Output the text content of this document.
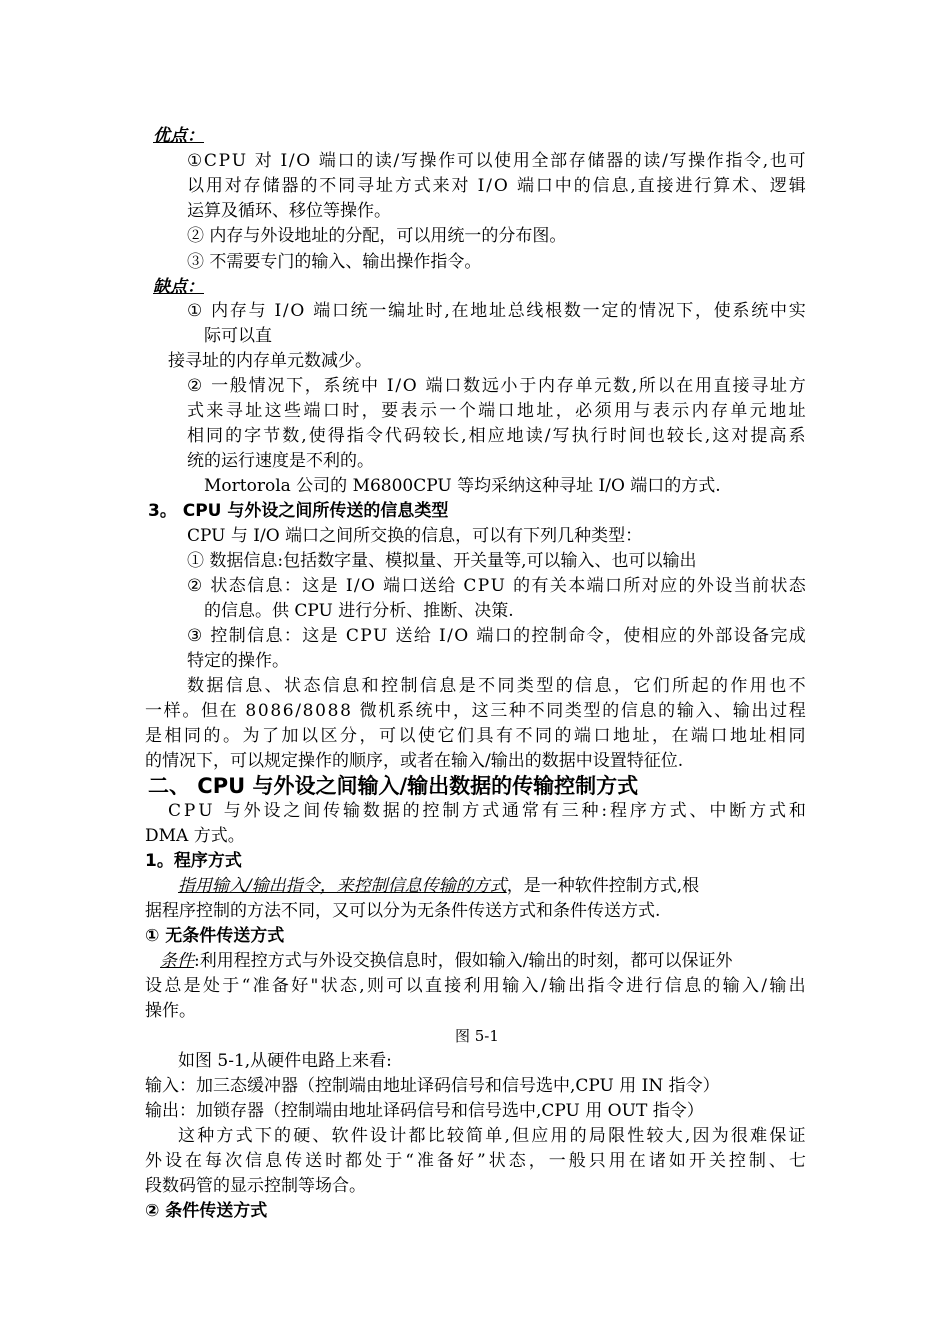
优点：
① C P U
对
I / O
端 口 的 读 / 写 操 作 可 以 使 用 全 部 存 储 器 的 读 / 写 操 作 指 令 , 也 可
以 用 对 存 储 器 的 不 同 寻 址 方 式 来 对
I / O
端 口 中 的 信 息 , 直 接 进 行 算 术 、 逻 辑
运算及循环、移位等操作。
② 内存与外设地址的分配，可以用统一的分布图。
③ 不需要专门的输入、输出操作指令。
缺点：
①
内 存 与
I / O
端 口 统 一 编 址 时 , 在 地 址 总 线 根 数 一 定 的 情 况 下 ， 使 系 统 中 实
际可以直
接寻址的内存单元数减少。
②
一 般 情 况 下 ， 系 统 中
I / O
端 口 数 远 小 于 内 存 单 元 数 , 所 以 在 用 直 接 寻 址 方
式 来 寻 址 这 些 端 口 时 ， 要 表 示 一 个 端 口 地 址 ， 必 须 用 与 表 示 内 存 单 元 地 址
相 同 的 字 节 数 , 使 得 指 令 代 码 较 长 , 相 应 地 读 / 写 执 行 时 间 也 较 长 , 这 对 提 高 系
统的运行速度是不利的。
Mortorola 公司的 M6800CPU 等均采纳这种寻址 I/O 端口的方式.
3。 CPU 与外设之间所传送的信息类型
CPU 与 I/O 端口之间所交换的信息，可以有下列几种类型：
① 数据信息:包括数字量、模拟量、开关量等,可以输入、也可以输出
②
状 态 信 息 ： 这 是
I / O
端 口 送 给
C P U
的 有 关 本 端 口 所 对 应 的 外 设 当 前 状 态
的信息。供 CPU 进行分析、推断、决策.
③
控 制 信 息 ： 这 是
C P U
送 给
I / O
端 口 的 控 制 命 令 ， 使 相 应 的 外 部 设 备 完 成
特定的操作。
数 据 信 息 、 状 态 信 息 和 控 制 信 息 是 不 同 类 型 的 信 息 ， 它 们 所 起 的 作 用 也 不
一 样 。 但 在
8 0 8 6 / 8 0 8 8
微 机 系 统 中 ， 这 三 种 不 同 类 型 的 信 息 的 输 入 、 输 出 过 程
是 相 同 的 。 为 了 加 以 区 分 ， 可 以 使 它 们 具 有 不 同 的 端 口 地 址 ， 在 端 口 地 址 相 同
的情况下，可以规定操作的顺序，或者在输入/输出的数据中设置特征位.
二、 CPU 与外设之间输入/输出数据的传输控制方式
C P U
与 外 设 之 间 传 输 数 据 的 控 制 方 式 通 常 有 三 种 : 程 序 方 式 、 中 断 方 式 和
DMA 方式。
1。程序方式
指用输入/输出指令，来控制信息传输的方式，是一种软件控制方式,根
据程序控制的方法不同，又可以分为无条件传送方式和条件传送方式.
① 无条件传送方式
条件:利用程控方式与外设交换信息时，假如输入/输出的时刻，都可以保证外
设 总 是 处 于 “ 准 备 好 " 状 态 , 则 可 以 直 接 利 用 输 入 / 输 出 指 令 进 行 信 息 的 输 入 / 输 出
操作。
图 5-1
如图 5-1,从硬件电路上来看:
输入：加三态缓冲器（控制端由地址译码信号和信号选中,CPU 用 IN 指令）
输出：加锁存器（控制端由地址译码信号和信号选中,CPU 用 OUT 指令）
这 种 方 式 下 的 硬 、 软 件 设 计 都 比 较 简 单 , 但 应 用 的 局 限 性 较 大 , 因 为 很 难 保 证
外 设 在 每 次 信 息 传 送 时 都 处 于 “ 准 备 好 ” 状 态 ， 一 般 只 用 在 诸 如 开 关 控 制 、 七
段数码管的显示控制等场合。
② 条件传送方式
